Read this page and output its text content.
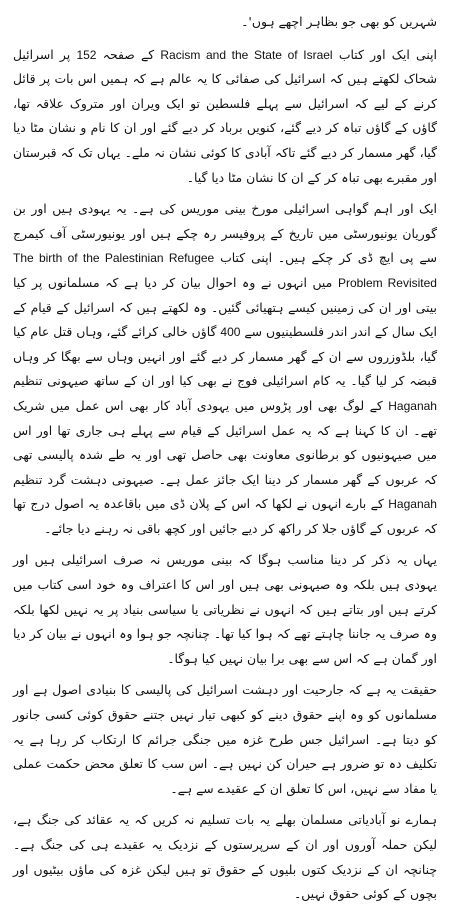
شہریں کو بھی جو بظاہر اچھے ہوں'۔

اپنی ایک اور کتاب Racism and the State of Israel کے صفحہ 152 پر اسرائیل شحاک لکھتے ہیں کہ اسرائیل کی صفائی کا یہ عالم ہے کہ ہمیں اس بات پر قائل کرنے کے لیے کہ اسرائیل سے پہلے فلسطین تو ایک ویران اور متروک علاقہ تھا، گاؤں کے گاؤں تباہ کر دیے گئے، کنویں برباد کر دیے گئے اور ان کا نام و نشان مٹا دیا گیا، گھر مسمار کر دیے گئے تاکہ آبادی کا کوئی نشان نہ ملے۔ یہاں تک کہ قبرستان اور مقبرے بھی تباہ کر کے ان کا نشان مٹا دیا گیا۔

ایک اور اہم گواہی اسرائیلی مورخ بینی موریس کی ہے۔ یہ یہودی ہیں اور بن گوریان یونیورسٹی میں تاریخ کے پروفیسر رہ چکے ہیں اور یونیورسٹی آف کیمرج سے پی ایچ ڈی کر چکے ہیں۔ اپنی کتاب The birth of the Palestinian Refugee Problem Revisited میں انہوں نے وہ احوال بیان کر دیا ہے کہ مسلمانوں پر کیا بیتی اور ان کی زمینیں کیسے ہتھیائی گئیں۔ وہ لکھتے ہیں کہ اسرائیل کے قیام کے ایک سال کے اندر اندر فلسطینیوں سے 400 گاؤں خالی کرائے گئے، وہاں قتل عام کیا گیا، بلڈوزروں سے ان کے گھر مسمار کر دیے گئے اور انہیں وہاں سے بھگا کر وہاں قبضہ کر لیا گیا۔ یہ کام اسرائیلی فوج نے بھی کیا اور ان کے ساتھ صیہونی تنظیم Haganah کے لوگ بھی اور پڑوس میں یہودی آباد کار بھی اس عمل میں شریک تھے۔ ان کا کہنا ہے کہ یہ عمل اسرائیل کے قیام سے پہلے ہی جاری تھا اور اس میں صیہونیوں کو برطانوی معاونت بھی حاصل تھی اور یہ طے شدہ پالیسی تھی کہ عربوں کے گھر مسمار کر دینا ایک جائز عمل ہے۔ صیہونی دہشت گرد تنظیم Haganah کے بارے انہوں نے لکھا کہ اس کے پلان ڈی میں باقاعدہ یہ اصول درج تھا کہ عربوں کے گاؤں جلا کر راکھ کر دیے جائیں اور کچھ باقی نہ رہنے دیا جائے۔

یہاں یہ ذکر کر دینا مناسب ہوگا کہ بینی موریس نہ صرف اسرائیلی ہیں اور یہودی ہیں بلکہ وہ صیہونی بھی ہیں اور اس کا اعتراف وہ خود اسی کتاب میں کرتے ہیں اور بتاتے ہیں کہ انہوں نے نظریاتی یا سیاسی بنیاد پر یہ نہیں لکھا بلکہ وہ صرف یہ جاننا چاہتے تھے کہ ہوا کیا تھا۔ چنانچہ جو ہوا وہ انہوں نے بیان کر دیا اور گمان ہے کہ اس سے بھی برا بیان نہیں کیا ہوگا۔

حقیقت یہ ہے کہ جارحیت اور دہشت اسرائیل کی پالیسی کا بنیادی اصول ہے اور مسلمانوں کو وہ اپنے حقوق دینے کو کبھی تیار نہیں جتنے حقوق کوئی کسی جانور کو دیتا ہے۔ اسرائیل جس طرح غزہ میں جنگی جرائم کا ارتکاب کر رہا ہے یہ تکلیف دہ تو ضرور ہے حیران کن نہیں ہے۔ اس سب کا تعلق محض حکمت عملی یا مفاد سے نہیں، اس کا تعلق ان کے عقیدے سے ہے۔

ہمارے نو آبادیاتی مسلمان بھلے یہ بات تسلیم نہ کریں کہ یہ عقائد کی جنگ ہے، لیکن حملہ آوروں اور ان کے سرپرستوں کے نزدیک یہ عقیدے ہی کی جنگ ہے۔ چنانچہ ان کے نزدیک کتوں بلیوں کے حقوق تو ہیں لیکن غزہ کی ماؤں بیٹیوں اور بچوں کے کوئی حقوق نہیں۔
